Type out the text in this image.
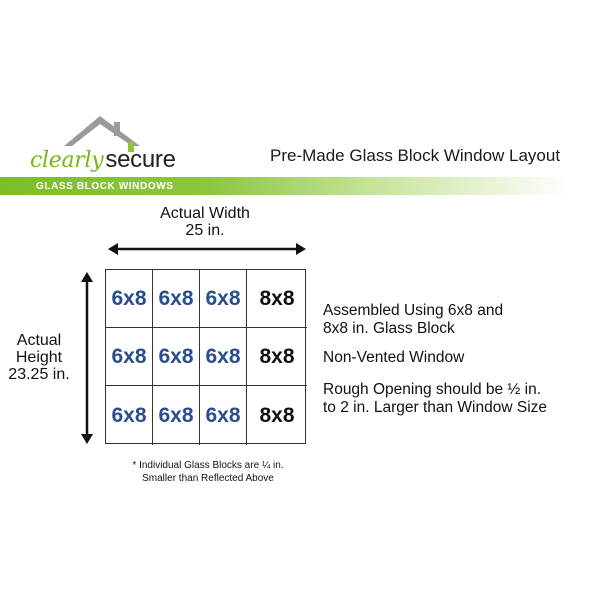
clearlysecure	Pre-Made Glass Block Window Layout
GLASS BLOCK WINDOWS
Actual Width
25 in.
Actual
Height
23.25 in.
6x8 6x8 6x8 8x8
6x8 6x8 6x8 8x8
6x8 6x8 6x8 8x8
* Individual Glass Blocks are ¼ in.
Smaller than Reflected Above
Assembled Using 6x8 and
8x8 in. Glass Block
Non-Vented Window
Rough Opening should be ½ in.
to 2 in. Larger than Window Size
